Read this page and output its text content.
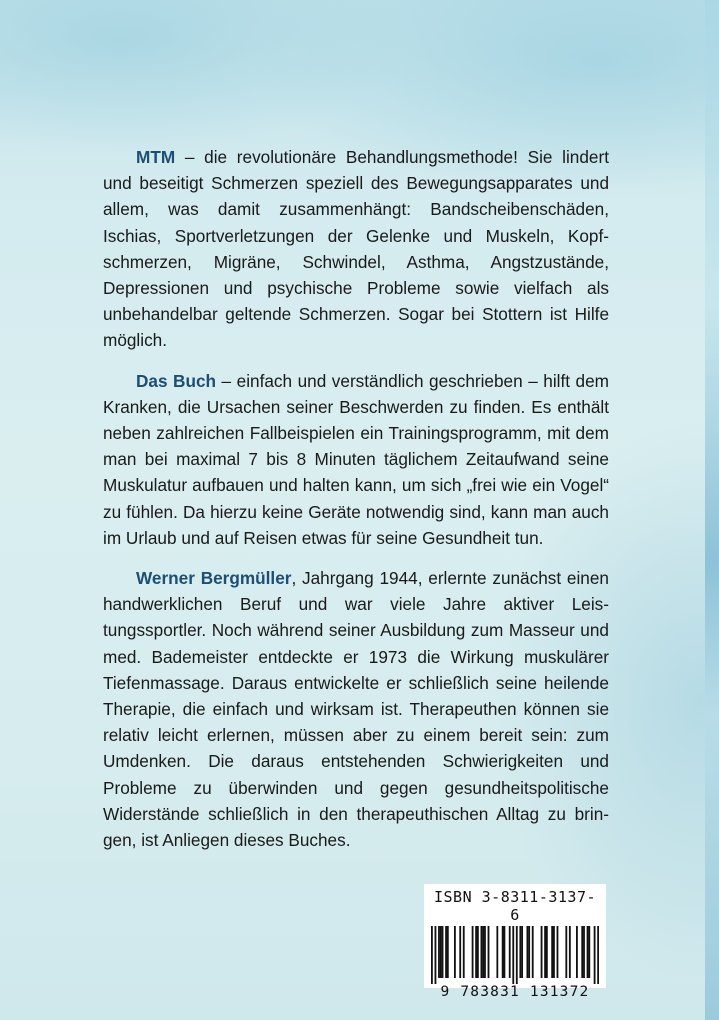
MTM – die revolutionäre Behandlungsmethode! Sie lindert und beseitigt Schmerzen speziell des Bewegungsapparates und allem, was damit zusammenhängt: Bandscheibenschäden, Ischias, Sportverletzungen der Gelenke und Muskeln, Kopfschmerzen, Migräne, Schwindel, Asthma, Angstzustände, Depressionen und psychische Probleme sowie vielfach als unbehandelbar geltende Schmerzen. Sogar bei Stottern ist Hilfe möglich.

Das Buch – einfach und verständlich geschrieben – hilft dem Kranken, die Ursachen seiner Beschwerden zu finden. Es enthält neben zahlreichen Fallbeispielen ein Trainingsprogramm, mit dem man bei maximal 7 bis 8 Minuten täglichem Zeitaufwand seine Muskulatur aufbauen und halten kann, um sich „frei wie ein Vogel“ zu fühlen. Da hierzu keine Geräte notwendig sind, kann man auch im Urlaub und auf Reisen etwas für seine Gesundheit tun.

Werner Bergmüller, Jahrgang 1944, erlernte zunächst einen handwerklichen Beruf und war viele Jahre aktiver Leistungssportler. Noch während seiner Ausbildung zum Masseur und med. Bademeister entdeckte er 1973 die Wirkung muskulärer Tiefenmassage. Daraus entwickelte er schließlich seine heilende Therapie, die einfach und wirksam ist. Therapeuthen können sie relativ leicht erlernen, müssen aber zu einem bereit sein: zum Umdenken. Die daraus entstehenden Schwierigkeiten und Probleme zu überwinden und gegen gesundheitspolitische Widerstände schließlich in den therapeuthischen Alltag zu bringen, ist Anliegen dieses Buches.

ISBN 3-8311-3137-6

9 783831 131372
